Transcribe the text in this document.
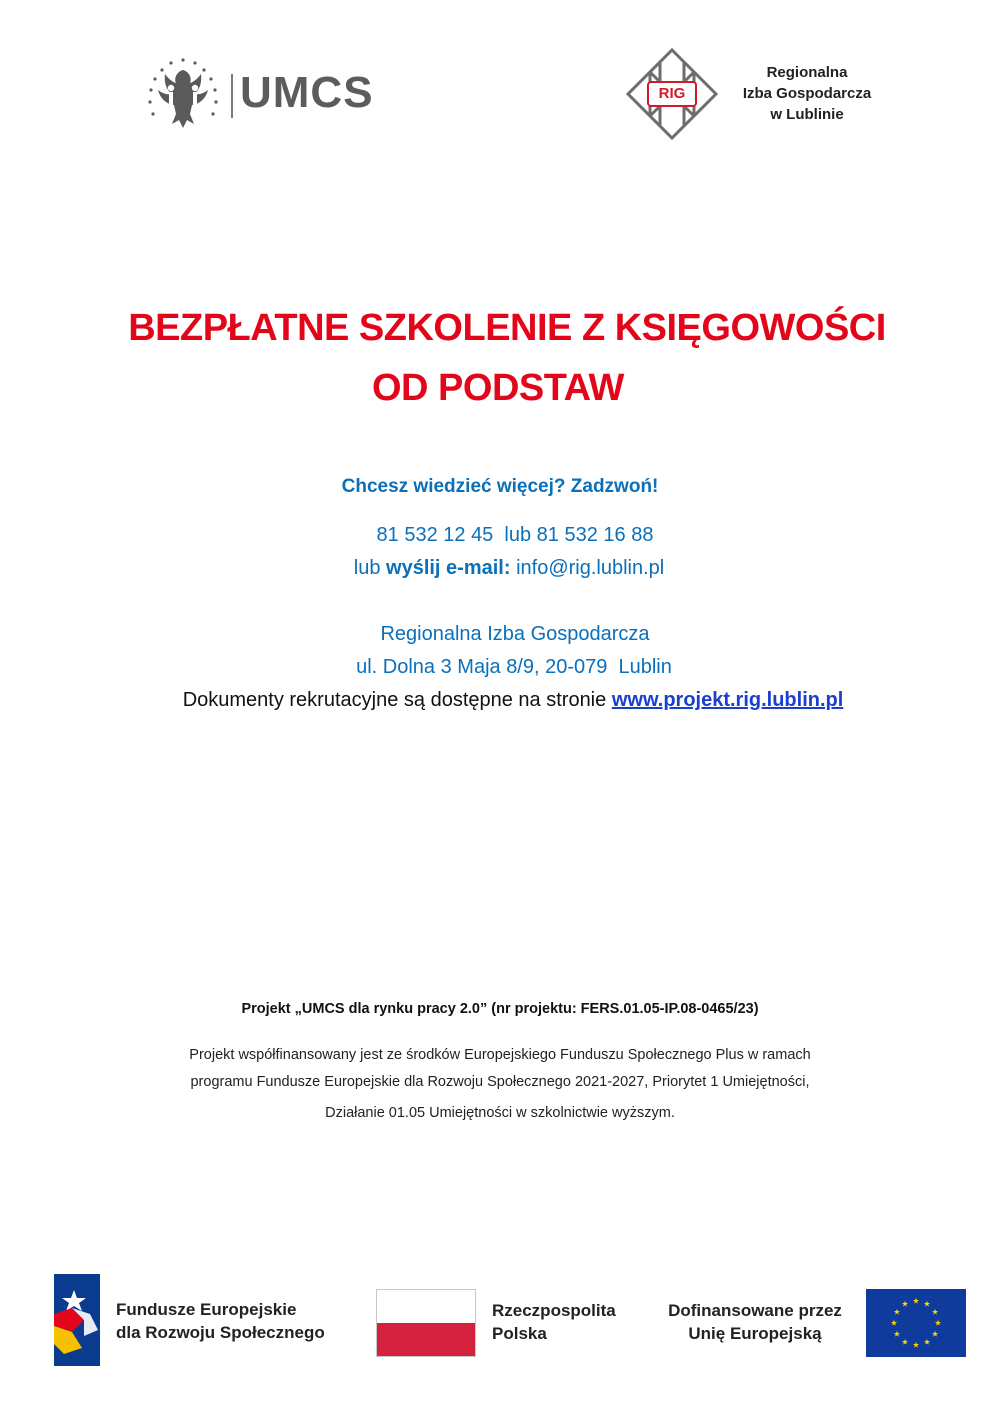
UMCS	RIG
Regionalna
Izba Gospodarcza
w Lublinie
BEZPŁATNE SZKOLENIE Z KSIĘGOWOŚCI
OD PODSTAW
Chcesz wiedzieć więcej? Zadzwoń!
81 532 12 45  lub 81 532 16 88
lub wyślij e-mail: info@rig.lublin.pl
Regionalna Izba Gospodarcza
ul. Dolna 3 Maja 8/9, 20-079  Lublin
Dokumenty rekrutacyjne są dostępne na stronie www.projekt.rig.lublin.pl
Projekt „UMCS dla rynku pracy 2.0” (nr projektu: FERS.01.05-IP.08-0465/23)
Projekt współfinansowany jest ze środków Europejskiego Funduszu Społecznego Plus w ramach
programu Fundusze Europejskie dla Rozwoju Społecznego 2021-2027, Priorytet 1 Umiejętności,
Działanie 01.05 Umiejętności w szkolnictwie wyższym.
Fundusze Europejskie
dla Rozwoju Społecznego
Rzeczpospolita
Polska
Dofinansowane przez
Unię Europejską
